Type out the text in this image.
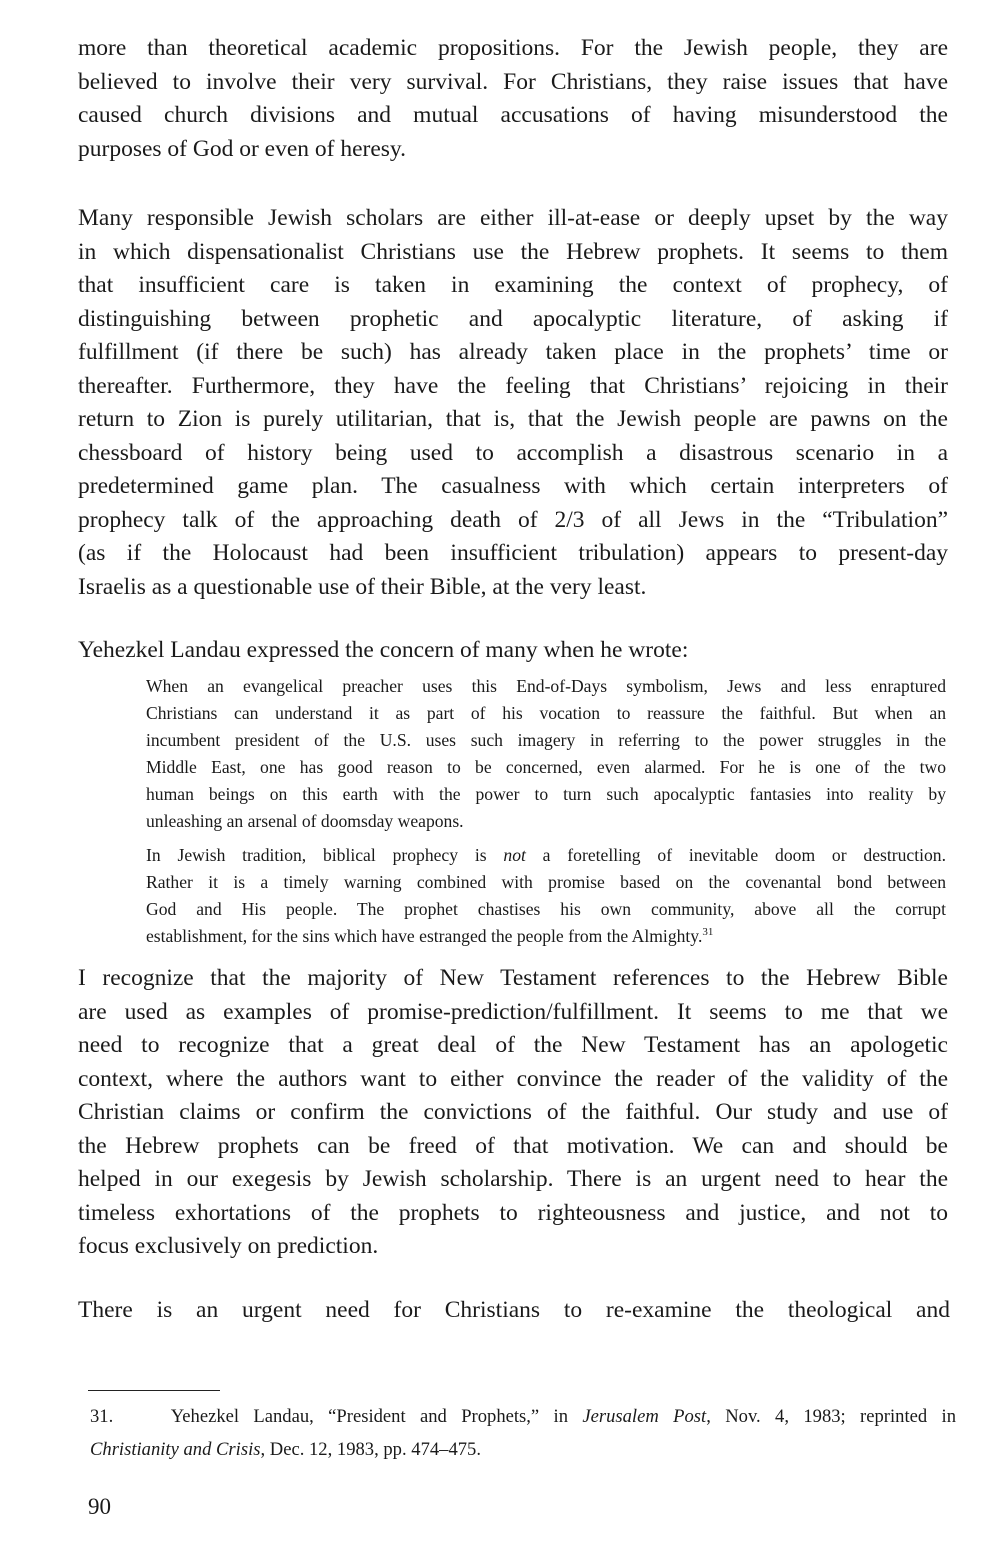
more than theoretical academic propositions. For the Jewish people, they are
believed to involve their very survival. For Christians, they raise issues that have
caused church divisions and mutual accusations of having misunderstood the
purposes of God or even of heresy.
Many responsible Jewish scholars are either ill-at-ease or deeply upset by the way
in which dispensationalist Christians use the Hebrew prophets. It seems to them
that insufficient care is taken in examining the context of prophecy, of
distinguishing between prophetic and apocalyptic literature, of asking if
fulfillment (if there be such) has already taken place in the prophets’ time or
thereafter. Furthermore, they have the feeling that Christians’ rejoicing in their
return to Zion is purely utilitarian, that is, that the Jewish people are pawns on the
chessboard of history being used to accomplish a disastrous scenario in a
predetermined game plan. The casualness with which certain interpreters of
prophecy talk of the approaching death of 2/3 of all Jews in the “Tribulation”
(as if the Holocaust had been insufficient tribulation) appears to present-day
Israelis as a questionable use of their Bible, at the very least.
Yehezkel Landau expressed the concern of many when he wrote:
When an evangelical preacher uses this End-of-Days symbolism, Jews and less enraptured
Christians can understand it as part of his vocation to reassure the faithful. But when an
incumbent president of the U.S. uses such imagery in referring to the power struggles in the
Middle East, one has good reason to be concerned, even alarmed. For he is one of the two
human beings on this earth with the power to turn such apocalyptic fantasies into reality by
unleashing an arsenal of doomsday weapons.
In Jewish tradition, biblical prophecy is not a foretelling of inevitable doom or destruction.
Rather it is a timely warning combined with promise based on the covenantal bond between
God and His people. The prophet chastises his own community, above all the corrupt
establishment, for the sins which have estranged the people from the Almighty.$^{31}$
I recognize that the majority of New Testament references to the Hebrew Bible
are used as examples of promise-prediction/fulfillment. It seems to me that we
need to recognize that a great deal of the New Testament has an apologetic
context, where the authors want to either convince the reader of the validity of the
Christian claims or confirm the convictions of the faithful. Our study and use of
the Hebrew prophets can be freed of that motivation. We can and should be
helped in our exegesis by Jewish scholarship. There is an urgent need to hear the
timeless exhortations of the prophets to righteousness and justice, and not to
focus exclusively on prediction.
There is an urgent need for Christians to re-examine the theological and
31.	Yehezkel Landau, “President and Prophets,” in Jerusalem Post, Nov. 4, 1983; reprinted in
Christianity and Crisis, Dec. 12, 1983, pp. 474–475.
90
